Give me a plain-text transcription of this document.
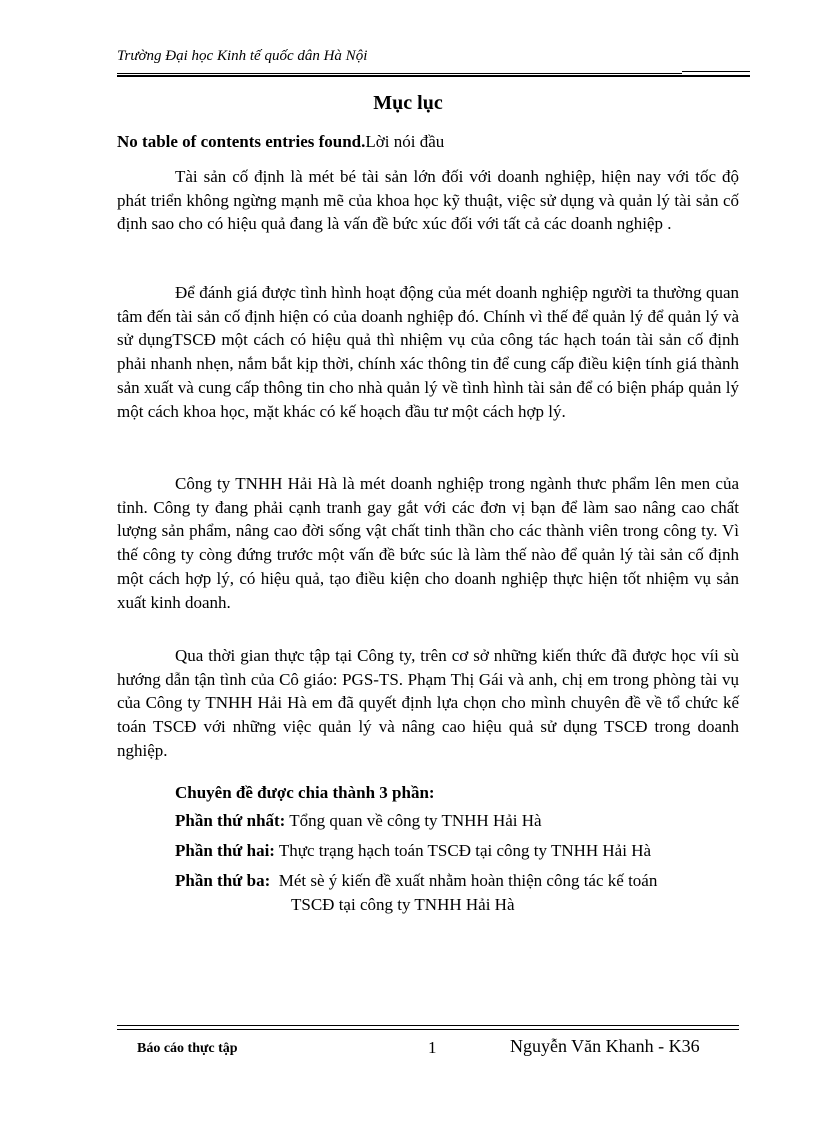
Trường Đại học Kinh tế quốc dân Hà Nội
Mục lục
No table of contents entries found.Lời nói đầu

Tài sản cố định là mét bé tài sản lớn đối với doanh nghiệp, hiện nay với tốc độ phát triển không ngừng mạnh mẽ của khoa học kỹ thuật, việc sử dụng và quản lý tài sản cố định sao cho có hiệu quả đang là vấn đề bức xúc đối với tất cả các doanh nghiệp .

Để đánh giá được tình hình hoạt động của mét doanh nghiệp người ta thường quan tâm đến tài sản cố định hiện có của doanh nghiệp đó. Chính vì thế để quản lý để quản lý và sử dụngTSCĐ một cách có hiệu quả thì nhiệm vụ của công tác hạch toán tài sản cố định phải nhanh nhẹn, nắm bắt kịp thời, chính xác thông tin để cung cấp điều kiện tính giá thành sản xuất và cung cấp thông tin cho nhà quản lý về tình hình tài sản để có biện pháp quản lý một cách khoa học, mặt khác có kế hoạch đầu tư một cách hợp lý.

Công ty TNHH Hải Hà là mét doanh nghiệp trong ngành thưc phẩm lên men của tỉnh. Công ty đang phải cạnh tranh gay gắt với các đơn vị bạn để làm sao nâng cao chất lượng sản phẩm, nâng cao đời sống vật chất tinh thần cho các thành viên trong công ty. Vì thế công ty còng đứng trước một vấn đề bức súc là làm thế nào để quản lý tài sản cố định một cách hợp lý, có hiệu quả, tạo điều kiện cho doanh nghiệp thực hiện tốt nhiệm vụ sản xuất kinh doanh.

Qua thời gian thực tập tại Công ty, trên cơ sở những kiến thức đã được học víi sù hướng dẫn tận tình của Cô giáo: PGS-TS. Phạm Thị Gái và anh, chị em trong phòng tài vụ của Công ty TNHH Hải Hà em đã quyết định lựa chọn cho mình chuyên đề về tổ chức kế toán TSCĐ với những việc quản lý và nâng cao hiệu quả sử dụng TSCĐ trong doanh nghiệp.

Chuyên đề được chia thành 3 phần:

Phần thứ nhất: Tổng quan về công ty TNHH Hải Hà

Phần thứ hai: Thực trạng hạch toán TSCĐ tại công ty TNHH Hải Hà

Phần thứ ba: Mét sè ý kiến đề xuất nhằm hoàn thiện công tác kế toán
TSCĐ tại công ty TNHH Hải Hà
Báo cáo thực tập	1	Nguyễn Văn Khanh - K36
